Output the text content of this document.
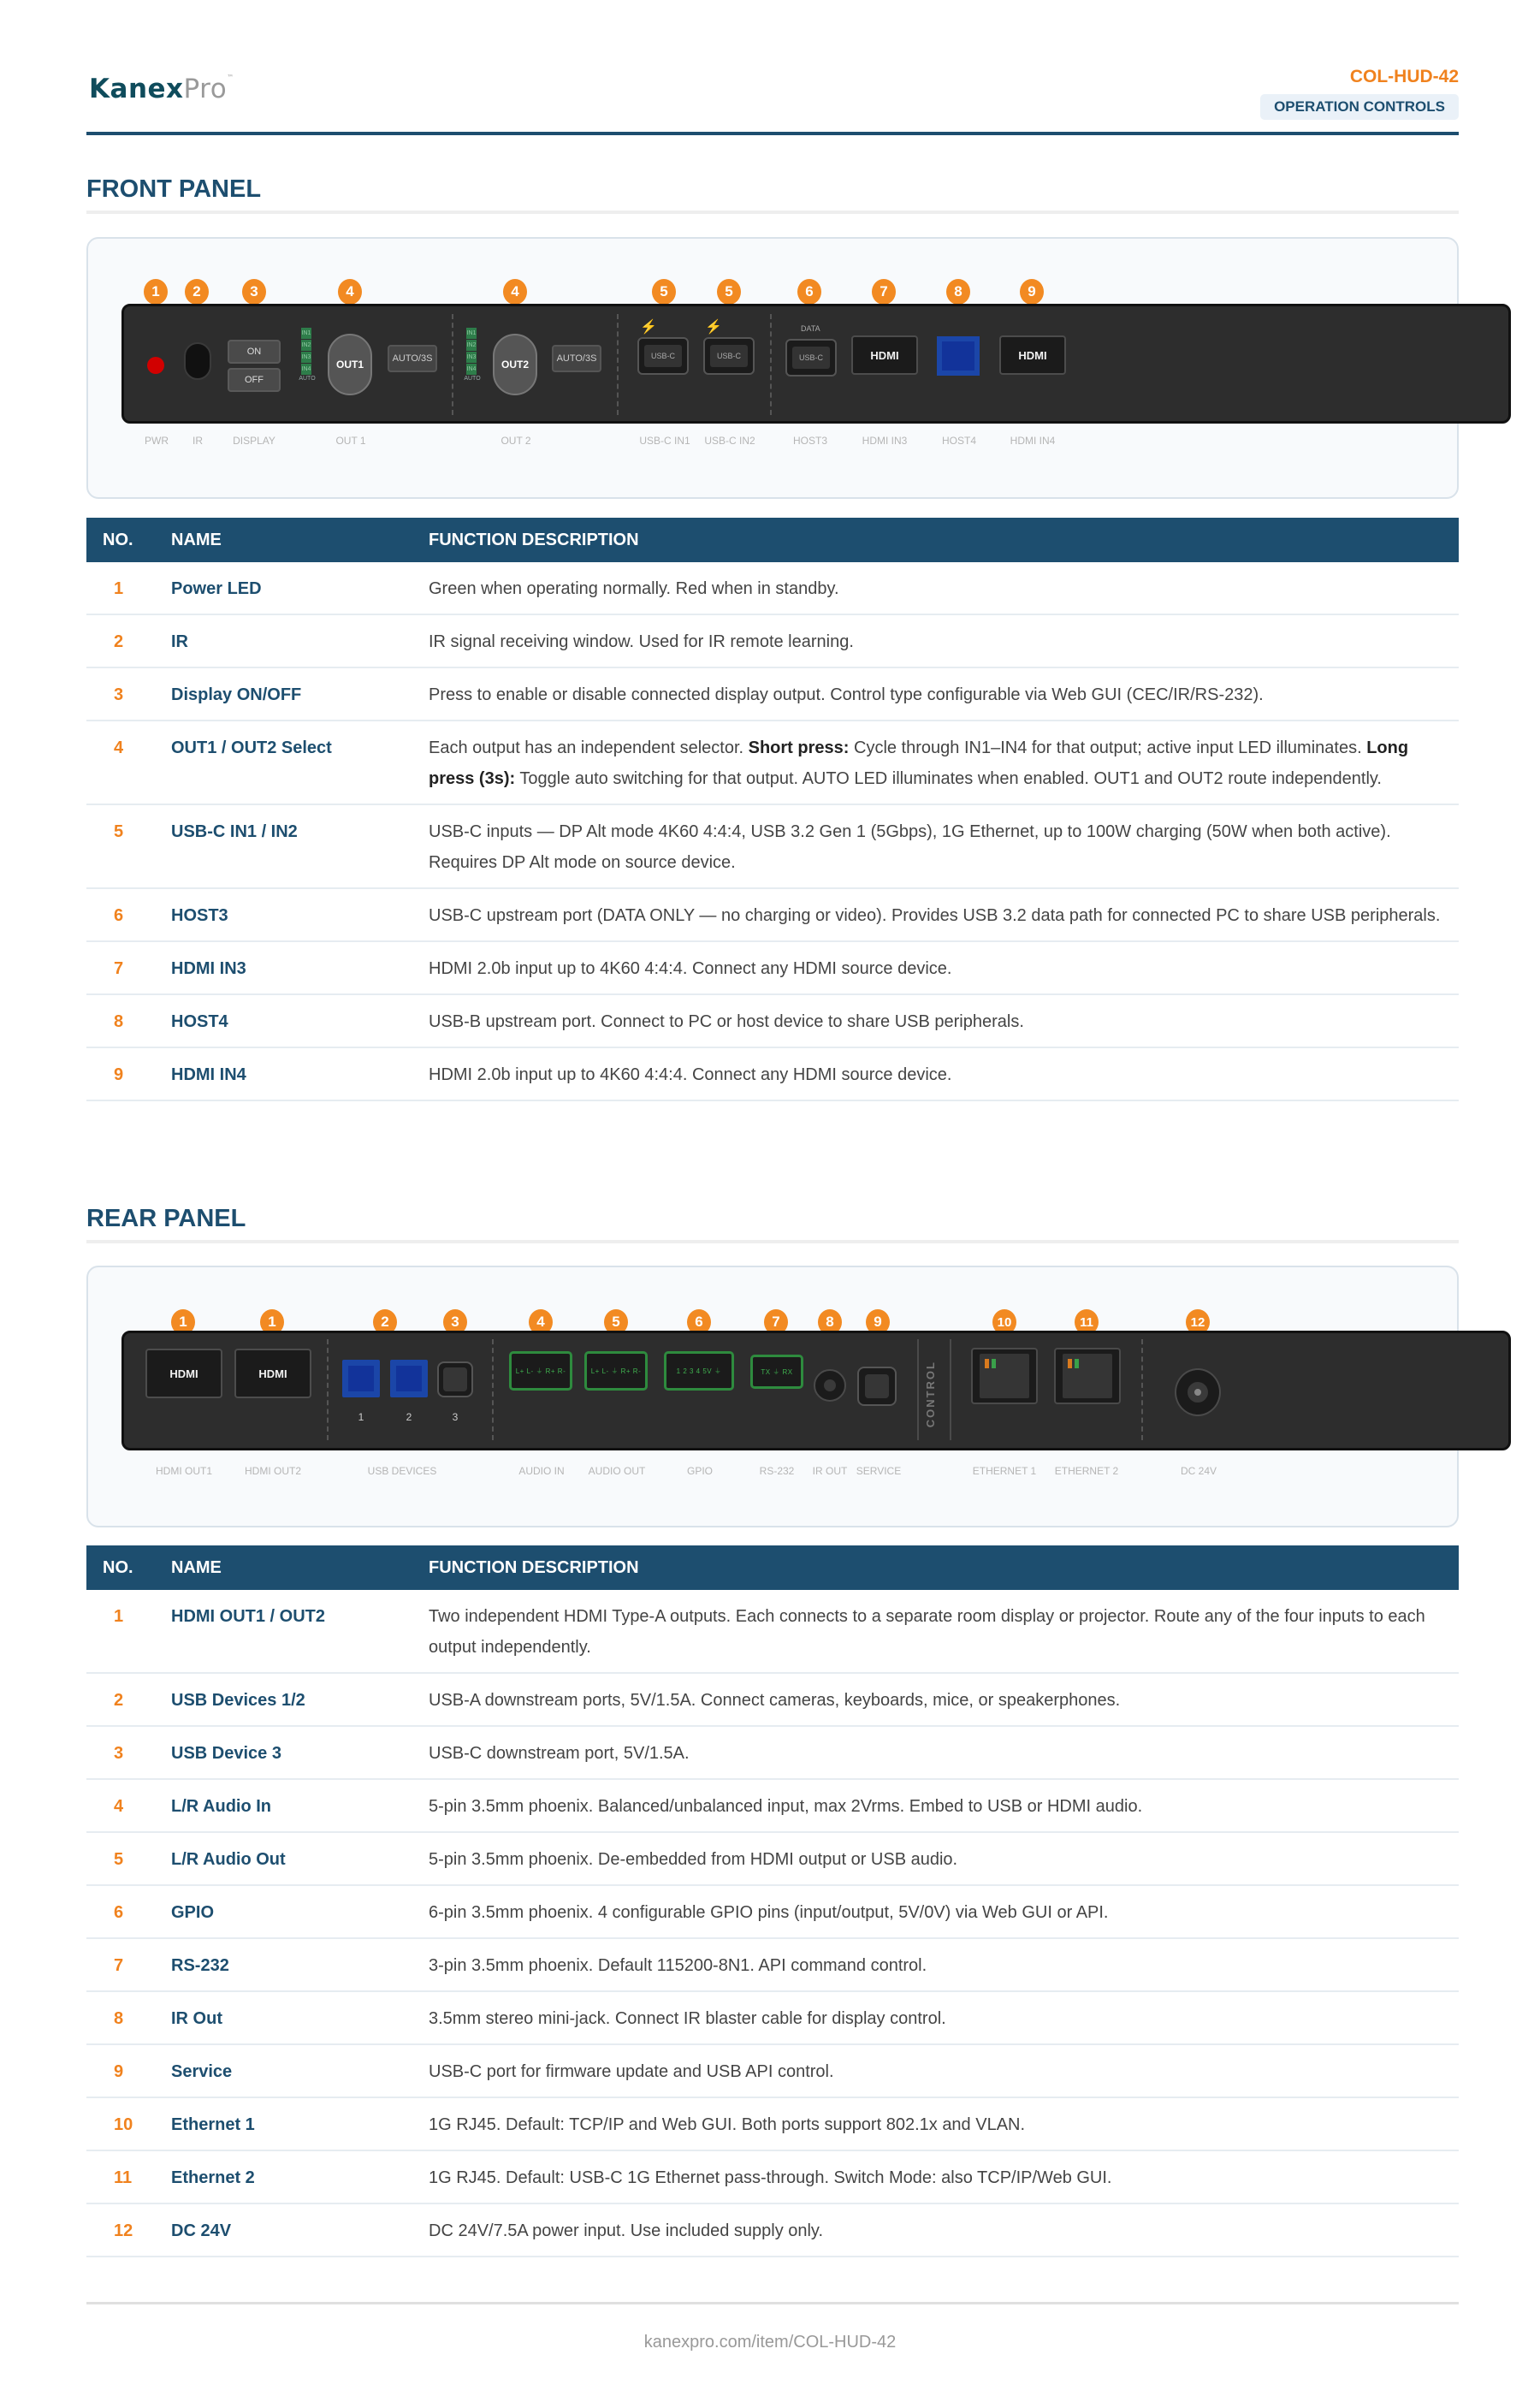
KanexPro™	COL-HUD-42
OPERATION CONTROLS
FRONT PANEL
1	2	3	4	4	5	5	6	7	8	9
ON
OFF
IN1
IN2
IN3
IN4
AUTO
OUT1	AUTO/3S
IN1
IN2
IN3
IN4
AUTO
OUT2	AUTO/3S
⚡
USB-C
⚡
USB-C
DATA
USB-C	HDMI	HDMI
PWR IR	DISPLAY	OUT 1	OUT 2	USB-C IN1 USB-C IN2	HOST3	HDMI IN3	HOST4	HDMI IN4
NO.	NAME	FUNCTION DESCRIPTION
1	Power LED	Green when operating normally. Red when in standby.
2	IR	IR signal receiving window. Used for IR remote learning.
3	Display ON/OFF	Press to enable or disable connected display output. Control type configurable via Web GUI (CEC/IR/RS-232).
4	OUT1 / OUT2 Select	Each output has an independent selector. Short press: Cycle through IN1–IN4 for that output; active input LED illuminates. Long press (3s): Toggle auto switching for that output. AUTO LED illuminates when enabled. OUT1 and OUT2 route independently.
5	USB-C IN1 / IN2	USB-C inputs — DP Alt mode 4K60 4:4:4, USB 3.2 Gen 1 (5Gbps), 1G Ethernet, up to 100W charging (50W when both active). Requires DP Alt mode on source device.
6	HOST3	USB-C upstream port (DATA ONLY — no charging or video). Provides USB 3.2 data path for connected PC to share USB peripherals.
7	HDMI IN3	HDMI 2.0b input up to 4K60 4:4:4. Connect any HDMI source device.
8	HOST4	USB-B upstream port. Connect to PC or host device to share USB peripherals.
9	HDMI IN4	HDMI 2.0b input up to 4K60 4:4:4. Connect any HDMI source device.
REAR PANEL
1	1	2	3	4	5	6	7	8	9	10	11	12
HDMI	HDMI
1	2	3
L+ L- ⏚ R+ R-	L+ L- ⏚ R+ R-	1 2 3 4 5V ⏚	TX ⏚ RX	CONTROL
HDMI OUT1	HDMI OUT2	USB DEVICES	AUDIO IN AUDIO OUT	GPIO	RS-232 IR OUT SERVICE	ETHERNET 1 ETHERNET 2	DC 24V
NO.	NAME	FUNCTION DESCRIPTION
1	HDMI OUT1 / OUT2	Two independent HDMI Type-A outputs. Each connects to a separate room display or projector. Route any of the four inputs to each output independently.
2	USB Devices 1/2	USB-A downstream ports, 5V/1.5A. Connect cameras, keyboards, mice, or speakerphones.
3	USB Device 3	USB-C downstream port, 5V/1.5A.
4	L/R Audio In	5-pin 3.5mm phoenix. Balanced/unbalanced input, max 2Vrms. Embed to USB or HDMI audio.
5	L/R Audio Out	5-pin 3.5mm phoenix. De-embedded from HDMI output or USB audio.
6	GPIO	6-pin 3.5mm phoenix. 4 configurable GPIO pins (input/output, 5V/0V) via Web GUI or API.
7	RS-232	3-pin 3.5mm phoenix. Default 115200-8N1. API command control.
8	IR Out	3.5mm stereo mini-jack. Connect IR blaster cable for display control.
9	Service	USB-C port for firmware update and USB API control.
10	Ethernet 1	1G RJ45. Default: TCP/IP and Web GUI. Both ports support 802.1x and VLAN.
11	Ethernet 2	1G RJ45. Default: USB-C 1G Ethernet pass-through. Switch Mode: also TCP/IP/Web GUI.
12	DC 24V	DC 24V/7.5A power input. Use included supply only.
kanexpro.com/item/COL-HUD-42
